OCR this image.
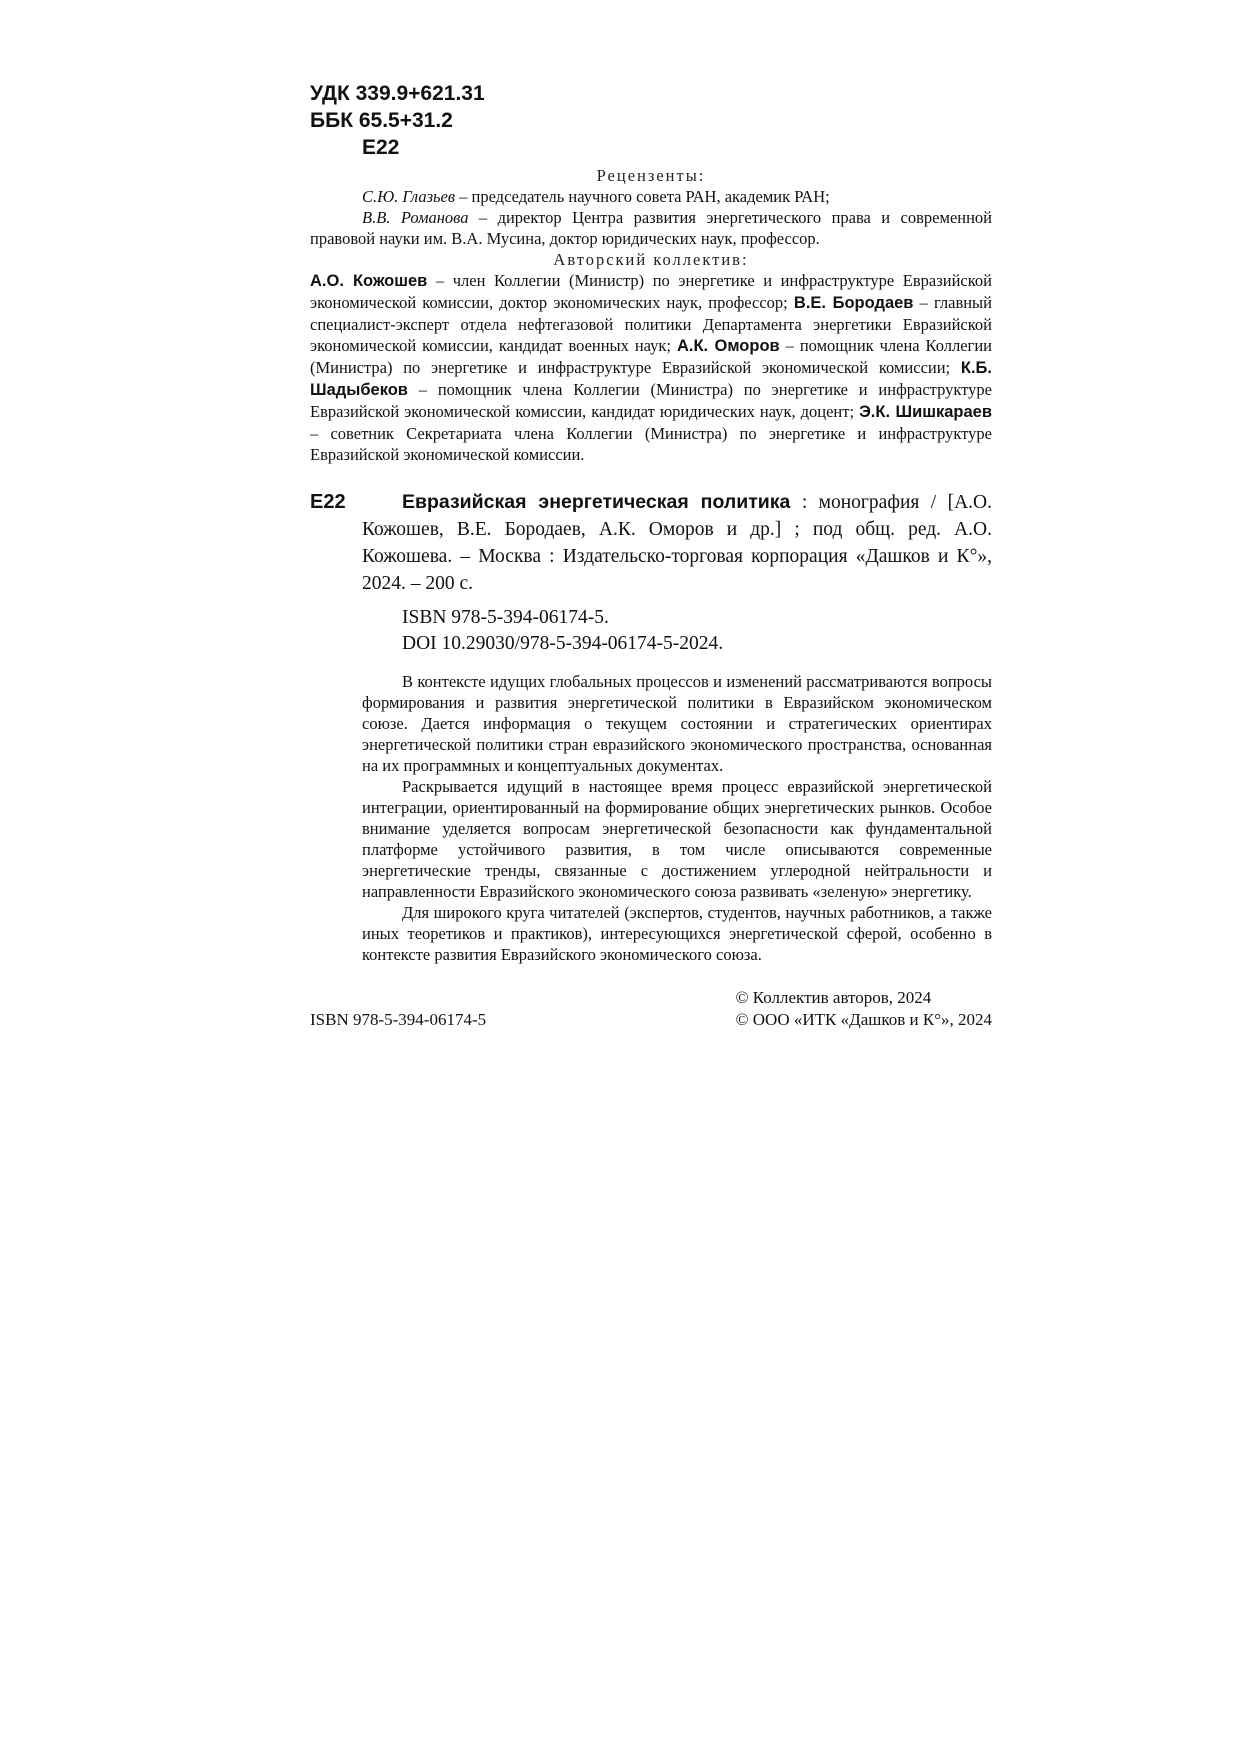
УДК 339.9+621.31
ББК 65.5+31.2
Е22
Рецензенты:
С.Ю. Глазьев – председатель научного совета РАН, академик РАН;
В.В. Романова – директор Центра развития энергетического права и современной правовой науки им. В.А. Мусина, доктор юридических наук, профессор.
Авторский коллектив:
А.О. Кожошев – член Коллегии (Министр) по энергетике и инфраструктуре Евразийской экономической комиссии, доктор экономических наук, профессор; В.Е. Бородаев – главный специалист-эксперт отдела нефтегазовой политики Департамента энергетики Евразийской экономической комиссии, кандидат военных наук; А.К. Оморов – помощник члена Коллегии (Министра) по энергетике и инфраструктуре Евразийской экономической комиссии; К.Б. Шадыбеков – помощник члена Коллегии (Министра) по энергетике и инфраструктуре Евразийской экономической комиссии, кандидат юридических наук, доцент; Э.К. Шишкараев – советник Секретариата члена Коллегии (Министра) по энергетике и инфраструктуре Евразийской экономической комиссии.
Е22	Евразийская энергетическая политика : монография / [А.О. Кожошев, В.Е. Бородаев, А.К. Оморов и др.] ; под общ. ред. А.О. Кожошева. – Москва : Издательско-торговая корпорация «Дашков и К°», 2024. – 200 с.
ISBN 978-5-394-06174-5.
DOI 10.29030/978-5-394-06174-5-2024.

В контексте идущих глобальных процессов и изменений рассматриваются вопросы формирования и развития энергетической политики в Евразийском экономическом союзе. Дается информация о текущем состоянии и стратегических ориентирах энергетической политики стран евразийского экономического пространства, основанная на их программных и концептуальных документах.

Раскрывается идущий в настоящее время процесс евразийской энергетической интеграции, ориентированный на формирование общих энергетических рынков. Особое внимание уделяется вопросам энергетической безопасности как фундаментальной платформе устойчивого развития, в том числе описываются современные энергетические тренды, связанные с достижением углеродной нейтральности и направленности Евразийского экономического союза развивать «зеленую» энергетику.

Для широкого круга читателей (экспертов, студентов, научных работников, а также иных теоретиков и практиков), интересующихся энергетической сферой, особенно в контексте развития Евразийского экономического союза.

ISBN 978-5-394-06174-5
© Коллектив авторов, 2024
© ООО «ИТК «Дашков и К°», 2024
